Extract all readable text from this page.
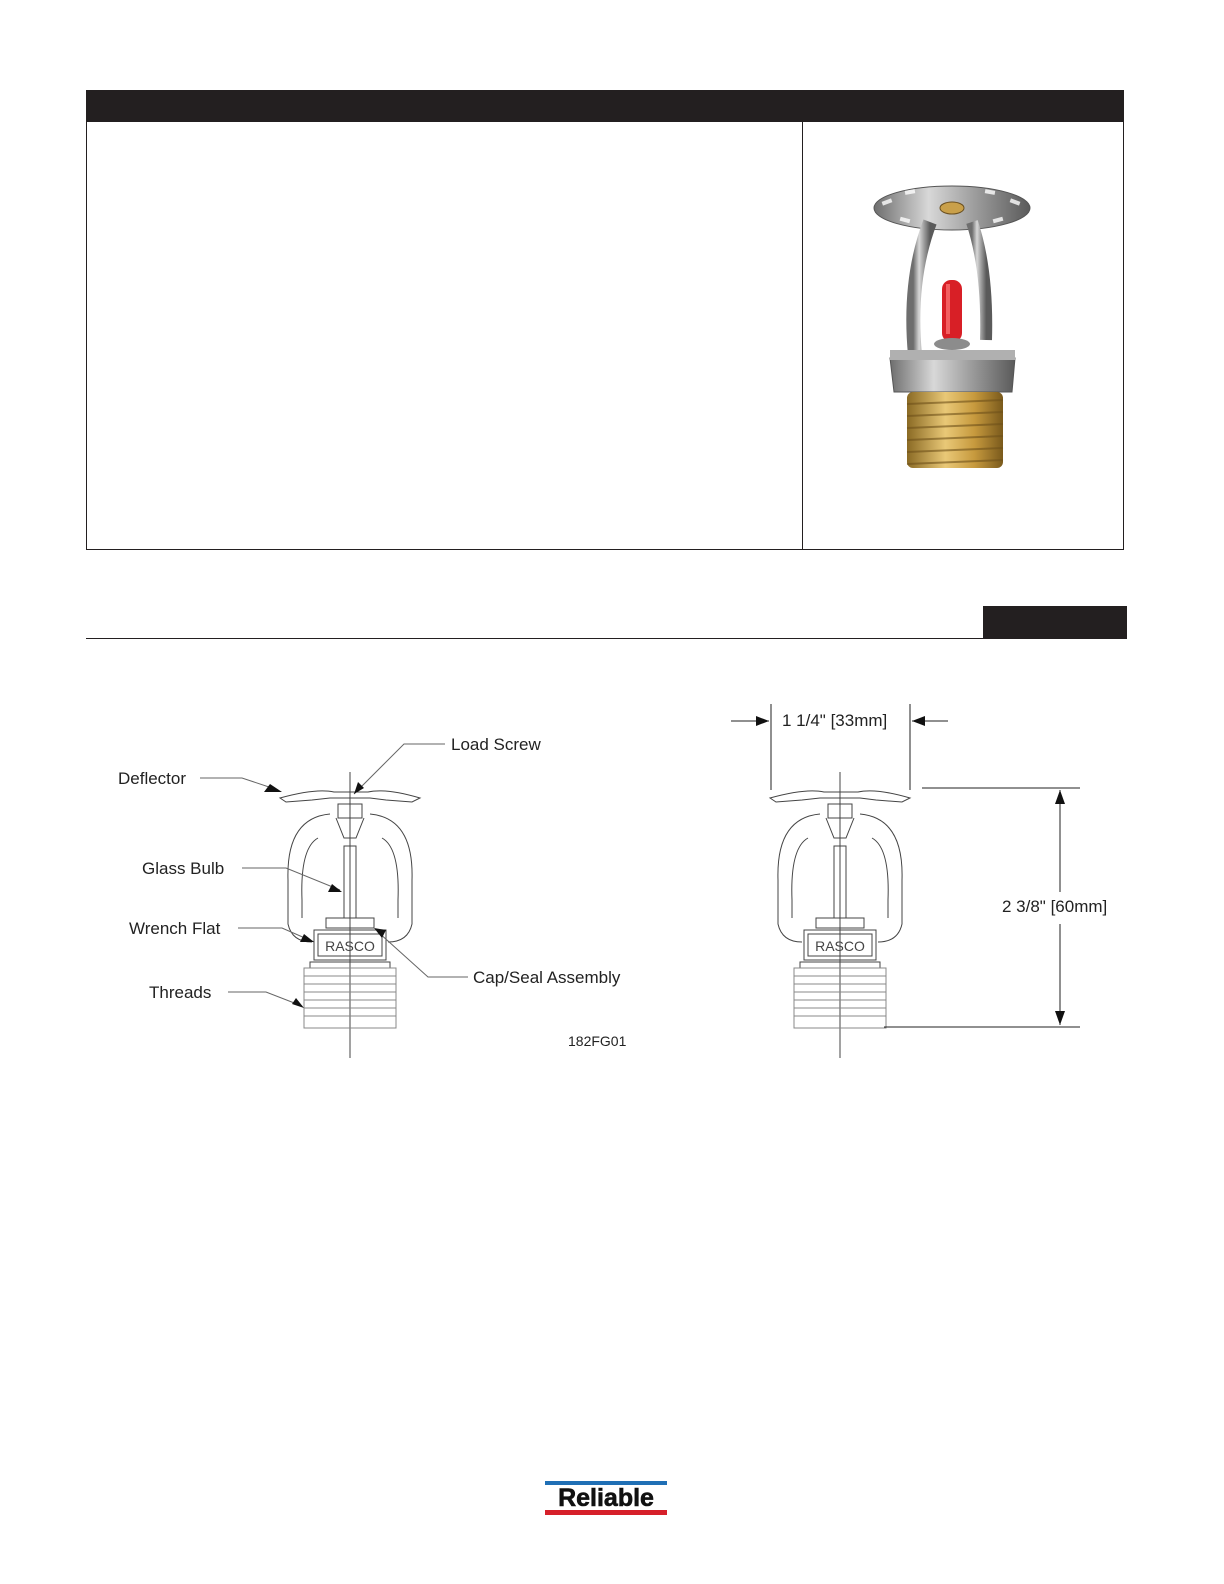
RASCO	RASCO
Load Screw
Deflector
Glass Bulb
Wrench Flat
Cap/Seal Assembly
Threads
1 1/4" [33mm]
2 3/8" [60mm]
182FG01
Reliable
